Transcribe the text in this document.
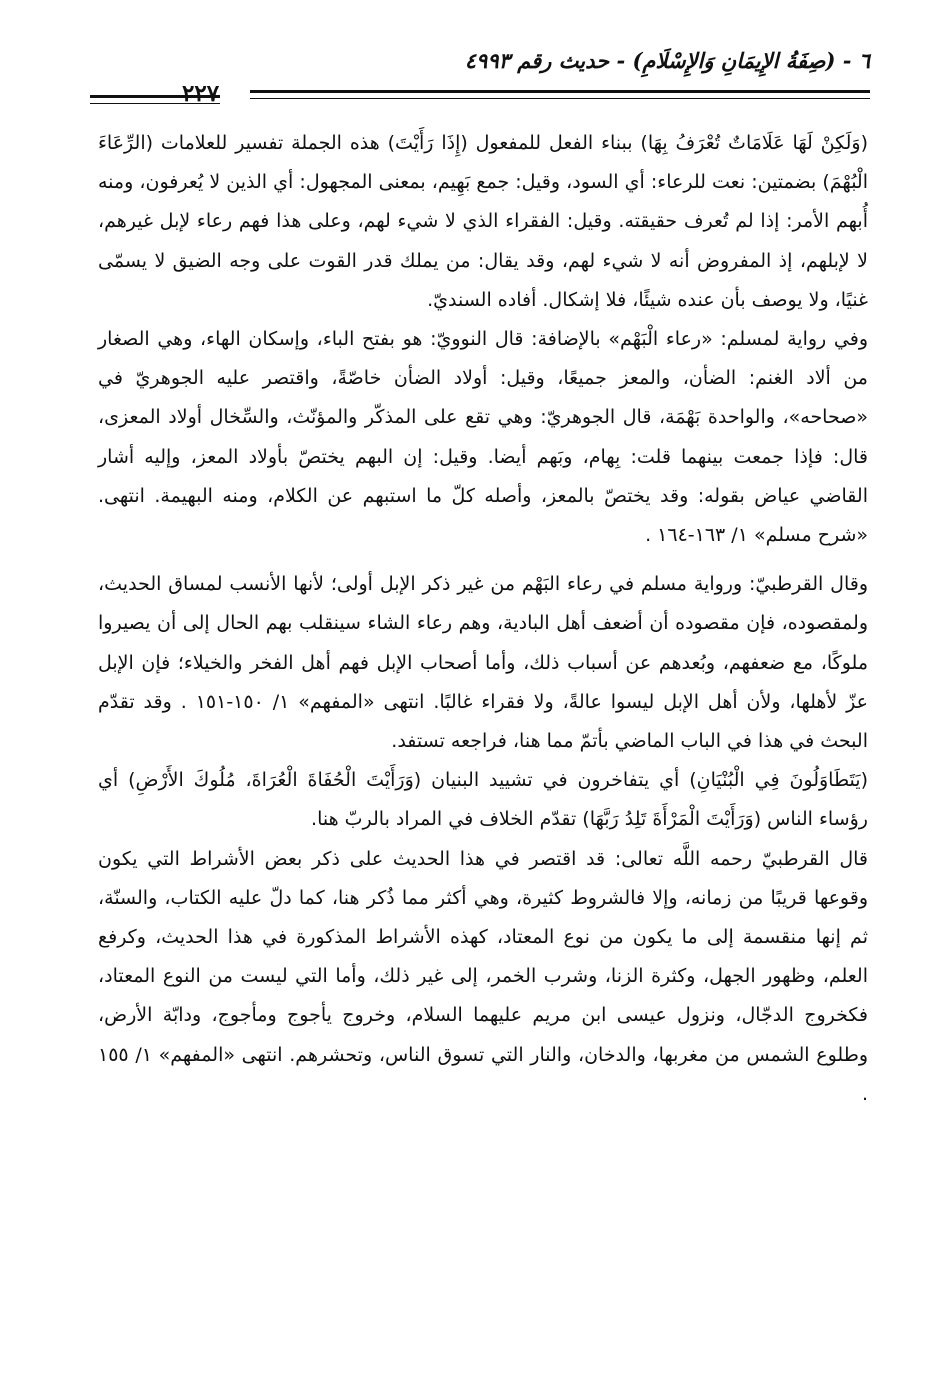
٦ - (صِفَةُ الإِيمَانِ وَالإِسْلَامِ) - حديث رقم ٤٩٩٣
٢٢٧

(وَلَكِنْ لَهَا عَلَامَاتٌ تُعْرَفُ بِهَا) ببناء الفعل للمفعول (إِذَا رَأَيْتَ) هذه الجملة تفسير للعلامات (الرِّعَاءَ الْبُهْمَ) بضمتين: نعت للرعاء: أي السود، وقيل: جمع بَهِيم، بمعنى المجهول: أي الذين لا يُعرفون، ومنه أُبهم الأمر: إذا لم تُعرف حقيقته. وقيل: الفقراء الذي لا شيء لهم، وعلى هذا فهم رعاء لإبل غيرهم، لا لإبلهم، إذ المفروض أنه لا شيء لهم، وقد يقال: من يملك قدر القوت على وجه الضيق لا يسمّى غنيًا، ولا يوصف بأن عنده شيئًا، فلا إشكال. أفاده السنديّ.

وفي رواية لمسلم: «رعاء الْبَهْم» بالإضافة: قال النوويّ: هو بفتح الباء، وإسكان الهاء، وهي الصغار من ألاد الغنم: الضأن، والمعز جميعًا، وقيل: أولاد الضأن خاصّةً، واقتصر عليه الجوهريّ في «صحاحه»، والواحدة بَهْمَة، قال الجوهريّ: وهي تقع على المذكّر والمؤنّث، والسِّخال أولاد المعزى، قال: فإذا جمعت بينهما قلت: بِهام، وبَهم أيضا. وقيل: إن البهم يختصّ بأولاد المعز، وإليه أشار القاضي عياض بقوله: وقد يختصّ بالمعز، وأصله كلّ ما استبهم عن الكلام، ومنه البهيمة. انتهى. «شرح مسلم» ١/ ١٦٣-١٦٤ .

وقال القرطبيّ: ورواية مسلم في رعاء البَهْم من غير ذكر الإبل أولى؛ لأنها الأنسب لمساق الحديث، ولمقصوده، فإن مقصوده أن أضعف أهل البادية، وهم رعاء الشاء سينقلب بهم الحال إلى أن يصيروا ملوكًا، مع ضعفهم، وبُعدهم عن أسباب ذلك، وأما أصحاب الإبل فهم أهل الفخر والخيلاء؛ فإن الإبل عزّ لأهلها، ولأن أهل الإبل ليسوا عالةً، ولا فقراء غالبًا. انتهى «المفهم» ١/ ١٥٠-١٥١ . وقد تقدّم البحث في هذا في الباب الماضي بأتمّ مما هنا، فراجعه تستفد.

(يَتَطَاوَلُونَ فِي الْبُنْيَانِ) أي يتفاخرون في تشييد البنيان (وَرَأَيْتَ الْحُفَاةَ الْعُرَاةَ، مُلُوكَ الأَرْضِ) أي رؤساء الناس (وَرَأَيْتَ الْمَرْأَةَ تَلِدُ رَبَّهَا) تقدّم الخلاف في المراد بالربّ هنا.

قال القرطبيّ رحمه اللَّه تعالى: قد اقتصر في هذا الحديث على ذكر بعض الأشراط التي يكون وقوعها قريبًا من زمانه، وإلا فالشروط كثيرة، وهي أكثر مما ذُكر هنا، كما دلّ عليه الكتاب، والسنّة، ثم إنها منقسمة إلى ما يكون من نوع المعتاد، كهذه الأشراط المذكورة في هذا الحديث، وكرفع العلم، وظهور الجهل، وكثرة الزنا، وشرب الخمر، إلى غير ذلك، وأما التي ليست من النوع المعتاد، فكخروج الدجّال، ونزول عيسى ابن مريم عليهما السلام، وخروج يأجوج ومأجوج، ودابّة الأرض، وطلوع الشمس من مغربها، والدخان، والنار التي تسوق الناس، وتحشرهم. انتهى «المفهم» ١/ ١٥٥ .
